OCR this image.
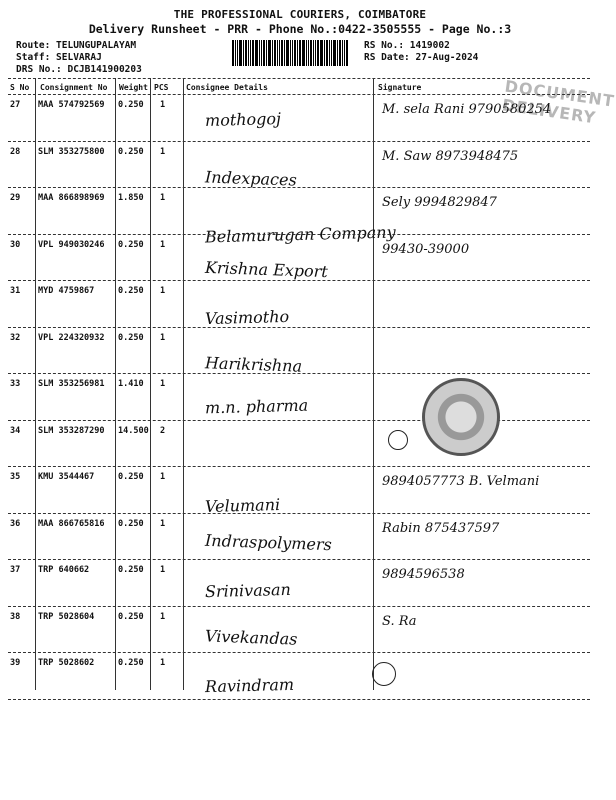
THE PROFESSIONAL COURIERS, COIMBATORE
Delivery Runsheet - PRR - Phone No.:0422-3505555 - Page No.:3
Route: TELUNGUPALAYAM
Staff: SELVARAJ
DRS No.: DCJB141900203
RS No.: 1419002
RS Date: 27-Aug-2024
DOCUMENT DELIVERY
S No Consignment No Weight PCS Consignee Details	Signature
27 MAA 574792569 0.250 1
mothogoj	M. sela Rani 9790580254
28 SLM 353275800 0.250 1
Indexpaces
M. Saw 8973948475
29 MAA 866898969 1.850 1
Belamurugan Company
Sely 9994829847
30 VPL 949030246 0.250 1
Krishna Export
99430-39000
31 MYD 4759867	0.250 1
Vasimotho
32 VPL 224320932 0.250 1
Harikrishna
33 SLM 353256981 1.410 1
m.n. pharma
34 SLM 353287290 14.500 2
35 KMU 3544467	0.250 1
Velumani
9894057773 B. Velmani
36 MAA 866765816 0.250 1
Indraspolymers
Rabin 875437597
37 TRP 640662	0.250 1
Srinivasan
9894596538
38 TRP 5028604	0.250 1
Vivekandas
S. Ra
39 TRP 5028602	0.250 1
Ravindram
